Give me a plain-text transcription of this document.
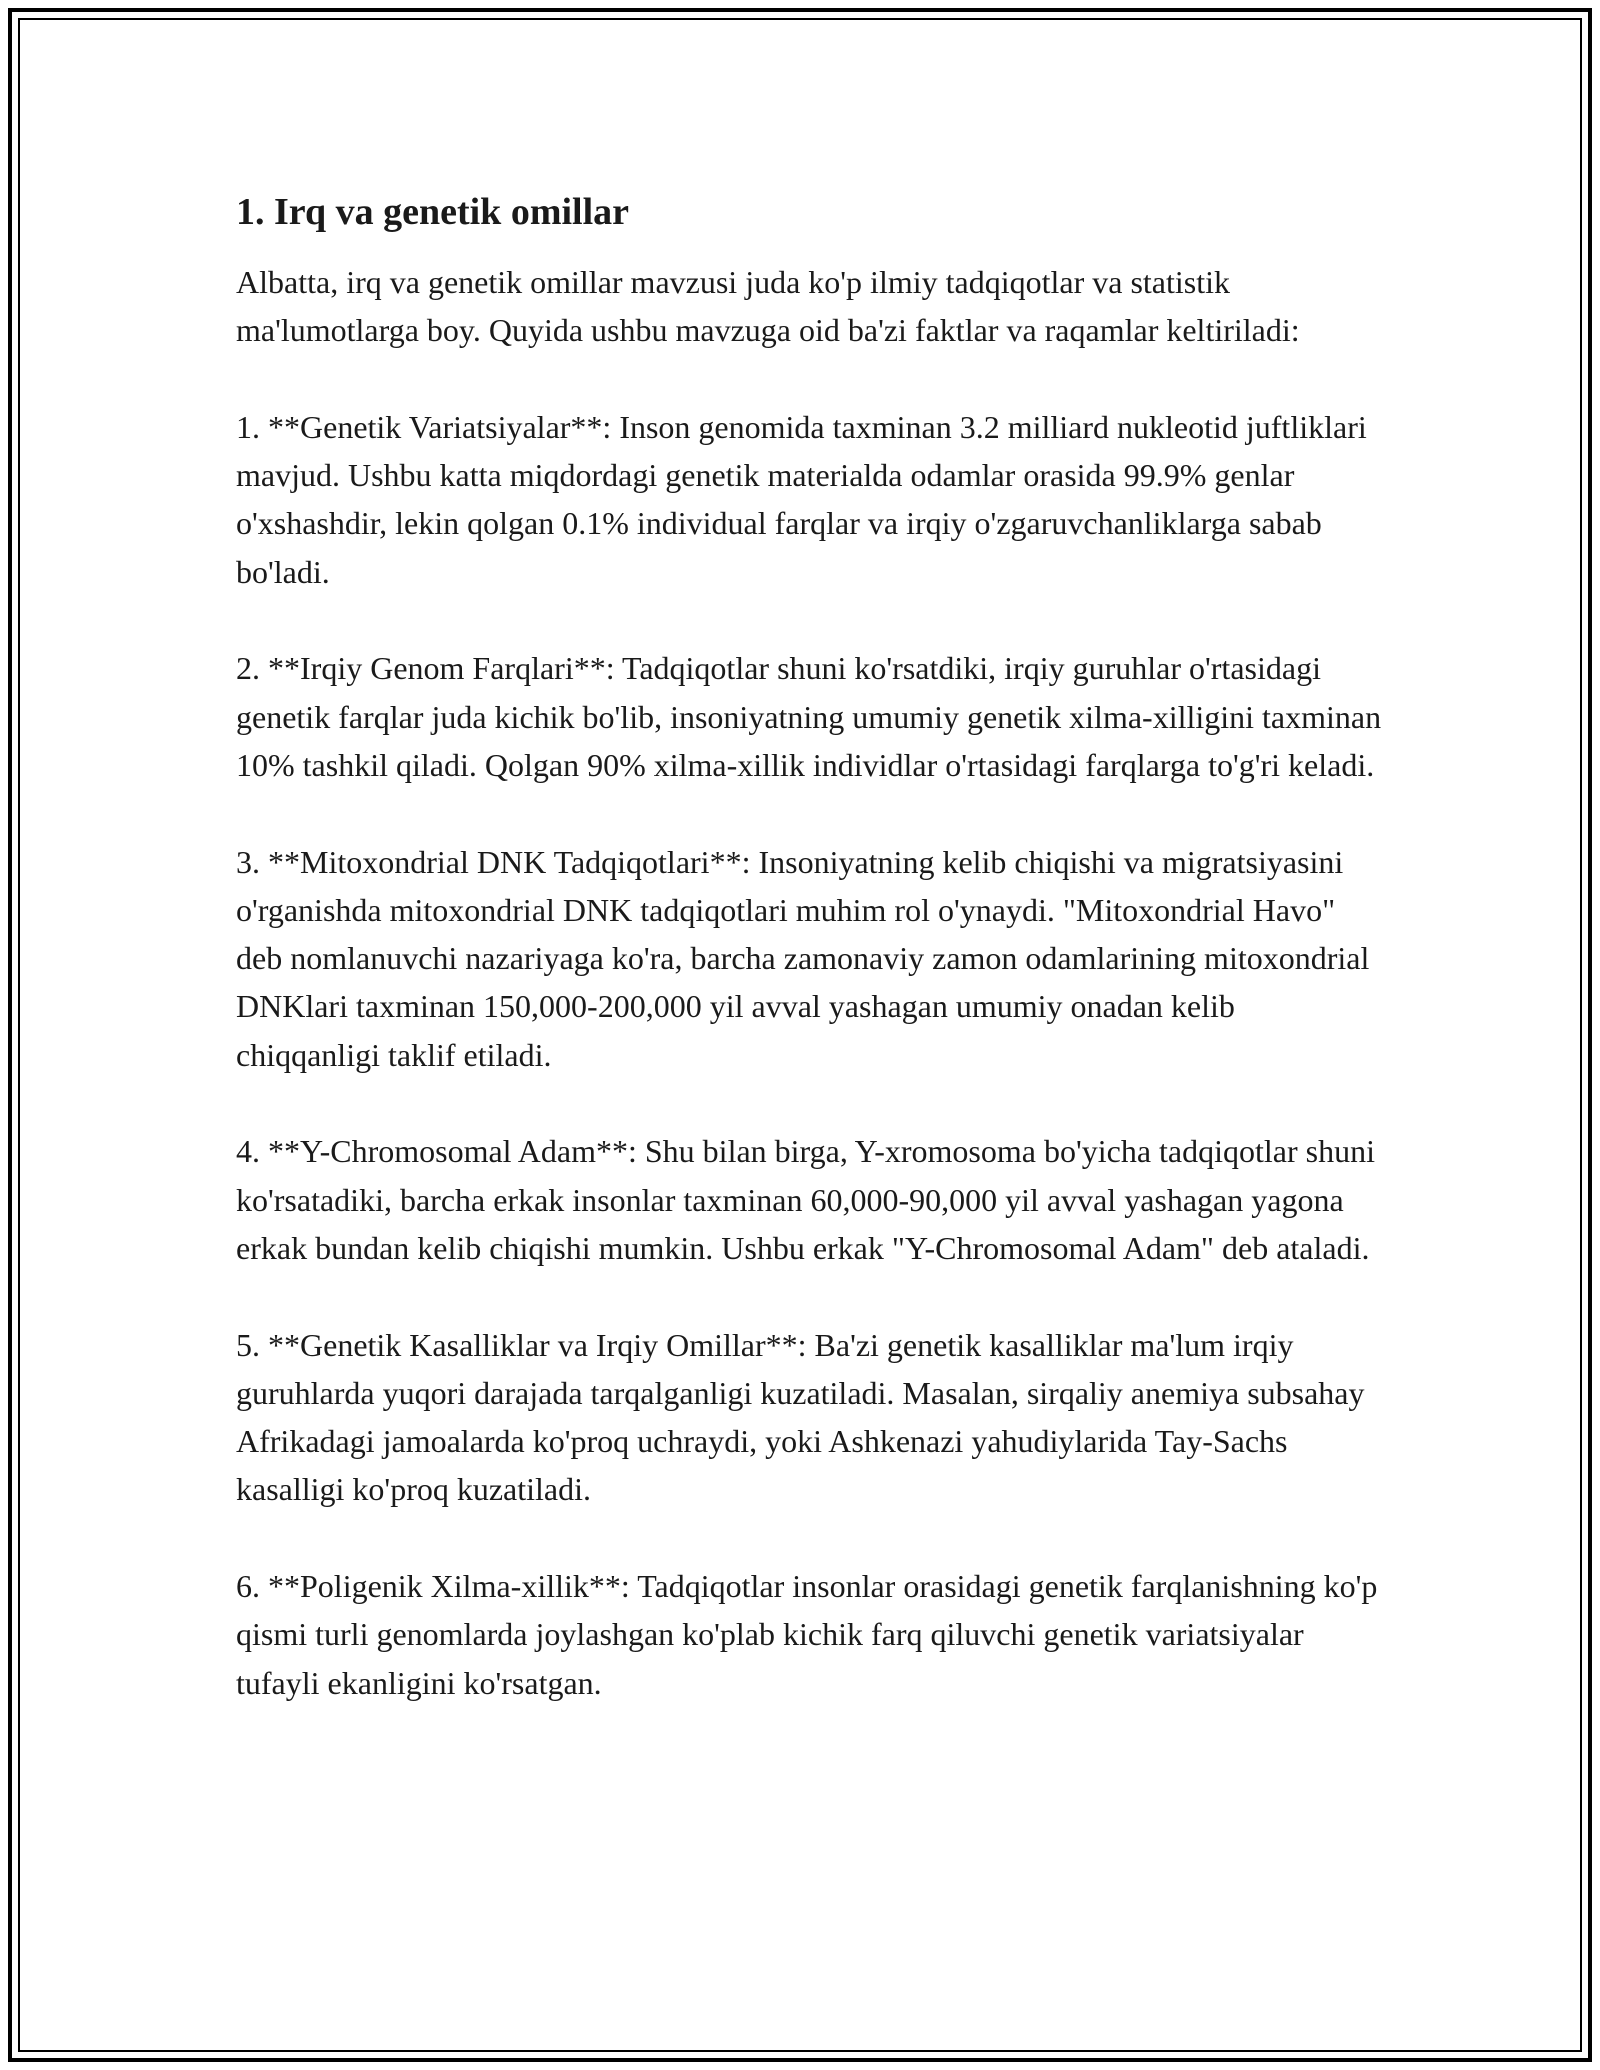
1. Irq va genetik omillar

Albatta, irq va genetik omillar mavzusi juda ko'p ilmiy tadqiqotlar va statistik ma'lumotlarga boy. Quyida ushbu mavzuga oid ba'zi faktlar va raqamlar keltiriladi:

1. **Genetik Variatsiyalar**: Inson genomida taxminan 3.2 milliard nukleotid juftliklari mavjud. Ushbu katta miqdordagi genetik materialda odamlar orasida 99.9% genlar o'xshashdir, lekin qolgan 0.1% individual farqlar va irqiy o'zgaruvchanliklarga sabab bo'ladi.

2. **Irqiy Genom Farqlari**: Tadqiqotlar shuni ko'rsatdiki, irqiy guruhlar o'rtasidagi genetik farqlar juda kichik bo'lib, insoniyatning umumiy genetik xilma-xilligini taxminan 10% tashkil qiladi. Qolgan 90% xilma-xillik individlar o'rtasidagi farqlarga to'g'ri keladi.

3. **Mitoxondrial DNK Tadqiqotlari**: Insoniyatning kelib chiqishi va migratsiyasini o'rganishda mitoxondrial DNK tadqiqotlari muhim rol o'ynaydi. "Mitoxondrial Havo" deb nomlanuvchi nazariyaga ko'ra, barcha zamonaviy zamon odamlarining mitoxondrial DNKlari taxminan 150,000-200,000 yil avval yashagan umumiy onadan kelib chiqqanligi taklif etiladi.

4. **Y-Chromosomal Adam**: Shu bilan birga, Y-xromosoma bo'yicha tadqiqotlar shuni ko'rsatadiki, barcha erkak insonlar taxminan 60,000-90,000 yil avval yashagan yagona erkak bundan kelib chiqishi mumkin. Ushbu erkak "Y-Chromosomal Adam" deb ataladi.

5. **Genetik Kasalliklar va Irqiy Omillar**: Ba'zi genetik kasalliklar ma'lum irqiy guruhlarda yuqori darajada tarqalganligi kuzatiladi. Masalan, sirqaliy anemiya subsahay Afrikadagi jamoalarda ko'proq uchraydi, yoki Ashkenazi yahudiylarida Tay-Sachs kasalligi ko'proq kuzatiladi.

6. **Poligenik Xilma-xillik**: Tadqiqotlar insonlar orasidagi genetik farqlanishning ko'p qismi turli genomlarda joylashgan ko'plab kichik farq qiluvchi genetik variatsiyalar tufayli ekanligini ko'rsatgan.
